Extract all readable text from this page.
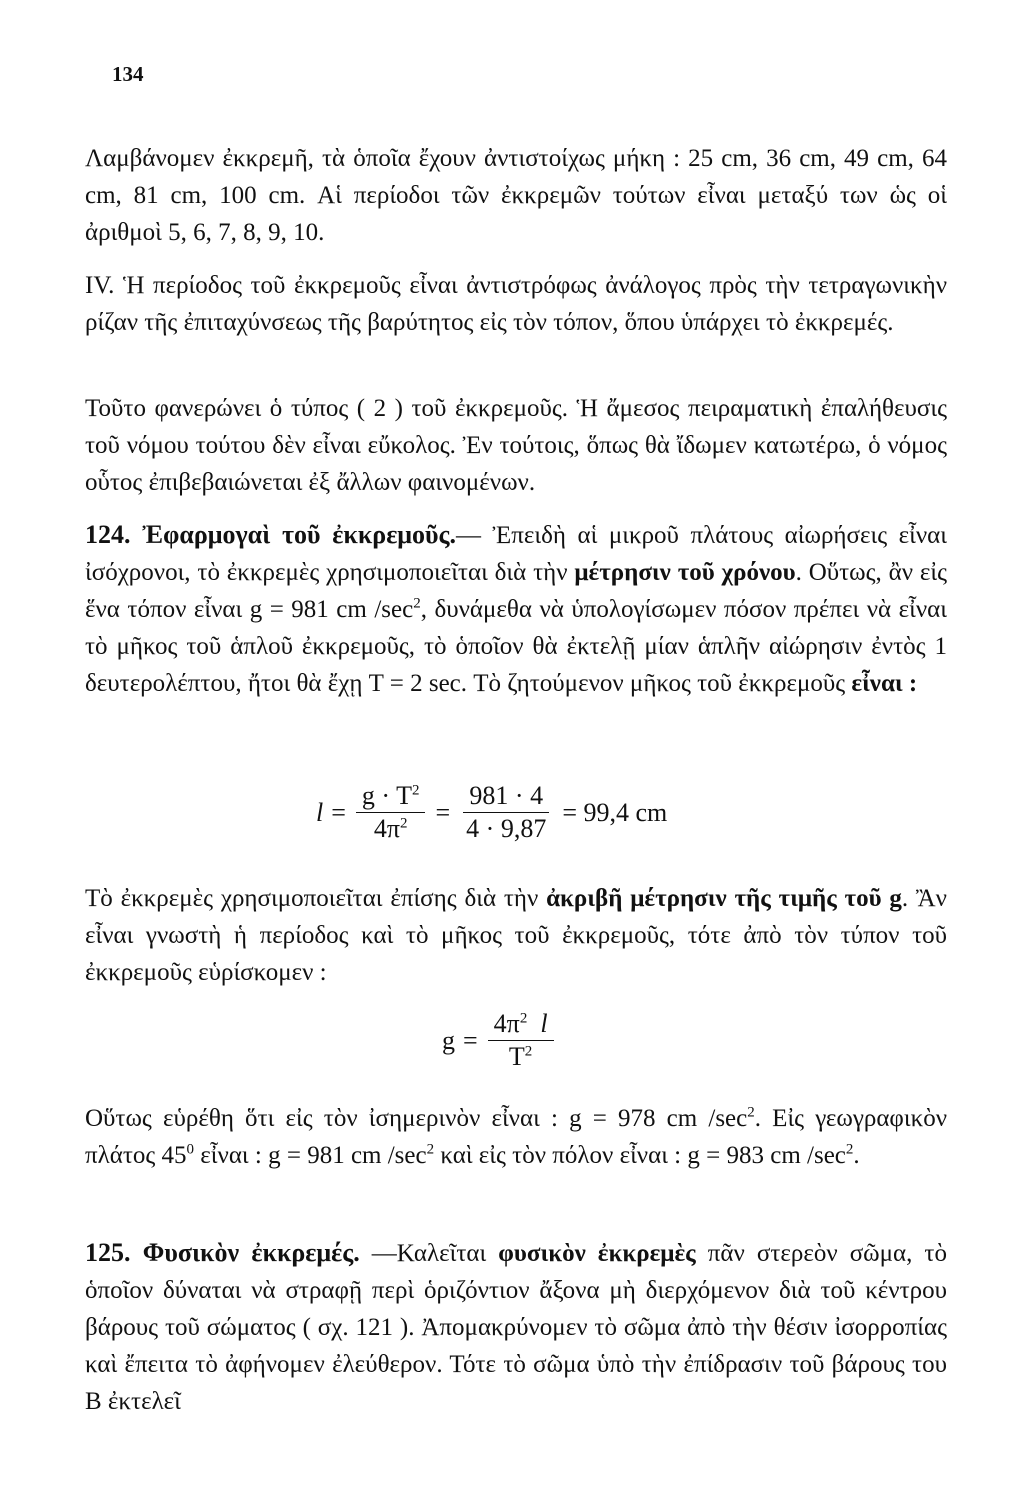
134

Λαμβάνομεν ἐκκρεμῆ, τὰ ὁποῖα ἔχουν ἀντιστοίχως μήκη : 25 cm, 36 cm, 49 cm, 64 cm, 81 cm, 100 cm. Αἱ περίοδοι τῶν ἐκκρεμῶν τούτων εἶναι μεταξύ των ὡς οἱ ἀριθμοὶ 5, 6, 7, 8, 9, 10.

IV. Ἡ περίοδος τοῦ ἐκκρεμοῦς εἶναι ἀντιστρόφως ἀνάλογος πρὸς τὴν τετραγωνικὴν ρίζαν τῆς ἐπιταχύνσεως τῆς βαρύτητος εἰς τὸν τόπον, ὅπου ὑπάρχει τὸ ἐκκρεμές.

Τοῦτο φανερώνει ὁ τύπος ( 2 ) τοῦ ἐκκρεμοῦς. Ἡ ἄμεσος πειραματικὴ ἐπαλήθευσις τοῦ νόμου τούτου δὲν εἶναι εὔκολος. Ἐν τούτοις, ὅπως θὰ ἴδωμεν κατωτέρω, ὁ νόμος οὗτος ἐπιβεβαιώνεται ἐξ ἄλλων φαινομένων.

124. Ἐφαρμογαὶ τοῦ ἐκκρεμοῦς.— Ἐπειδὴ αἱ μικροῦ πλάτους αἰωρήσεις εἶναι ἰσόχρονοι, τὸ ἐκκρεμὲς χρησιμοποιεῖται διὰ τὴν μέτρησιν τοῦ χρόνου. Οὕτως, ἂν εἰς ἕνα τόπον εἶναι g = 981 cm $/\sec^2$, δυνάμεθα νὰ ὑπολογίσωμεν πόσον πρέπει νὰ εἶναι τὸ μῆκος τοῦ ἁπλοῦ ἐκκρεμοῦς, τὸ ὁποῖον θὰ ἐκτελῇ μίαν ἁπλῆν αἰώρησιν ἐντὸς 1 δευτερολέπτου, ἤτοι θὰ ἔχῃ T = 2 sec. Τὸ ζητούμενον μῆκος τοῦ ἐκκρεμοῦς εἶναι :

$l = \frac{g \cdot T^2}{4\pi^2} = \frac{981 \cdot 4}{4 \cdot 9,87} = 99,4$ cm

Τὸ ἐκκρεμὲς χρησιμοποιεῖται ἐπίσης διὰ τὴν ἀκριβῆ μέτρησιν τῆς τιμῆς τοῦ g. Ἂν εἶναι γνωστὴ ἡ περίοδος καὶ τὸ μῆκος τοῦ ἐκκρεμοῦς, τότε ἀπὸ τὸν τύπον τοῦ ἐκκρεμοῦς εὑρίσκομεν :

$g = \frac{4\pi^2 l}{T^2}$

Οὕτως εὑρέθη ὅτι εἰς τὸν ἰσημερινὸν εἶναι : g = 978 cm $/\sec^2$. Εἰς γεωγραφικὸν πλάτος $45^0$ εἶναι : g = 981 cm $/\sec^2$ καὶ εἰς τὸν πόλον εἶναι : g = 983 cm $/\sec^2$.

125. Φυσικὸν ἐκκρεμές. —Καλεῖται φυσικὸν ἐκκρεμὲς πᾶν στερεὸν σῶμα, τὸ ὁποῖον δύναται νὰ στραφῇ περὶ ὁριζόντιον ἄξονα μὴ διερχόμενον διὰ τοῦ κέντρου βάρους τοῦ σώματος ( σχ. 121 ). Ἀπομακρύνομεν τὸ σῶμα ἀπὸ τὴν θέσιν ἰσορροπίας καὶ ἔπειτα τὸ ἀφήνομεν ἐλεύθερον. Τότε τὸ σῶμα ὑπὸ τὴν ἐπίδρασιν τοῦ βάρους του Β ἐκτελεῖ
